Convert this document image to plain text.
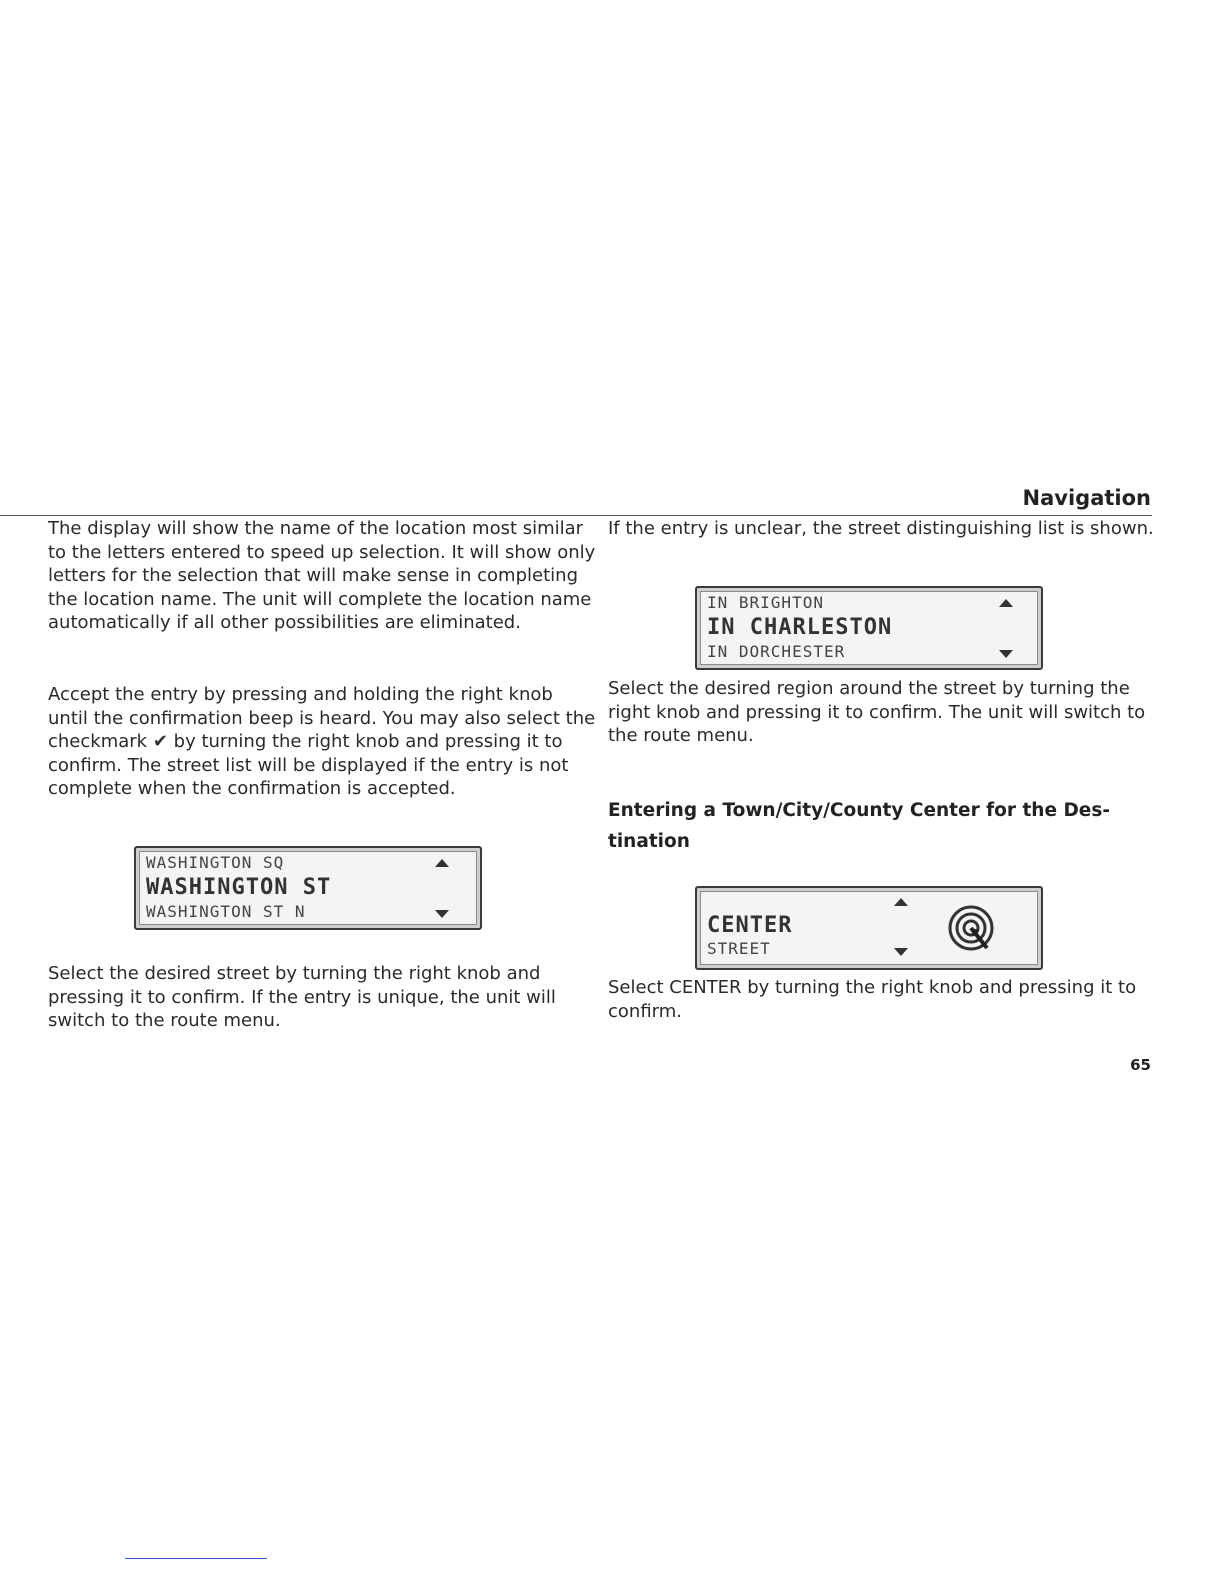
Navigation

The display will show the name of the location most similar to the letters entered to speed up selection. It will show only letters for the selection that will make sense in completing the location name. The unit will complete the location name automatically if all other possibilities are eliminated.

Accept the entry by pressing and holding the right knob until the confirmation beep is heard. You may also select the checkmark ✔ by turning the right knob and pressing it to confirm. The street list will be displayed if the entry is not complete when the confirmation is accepted.

WASHINGTON SQ
WASHINGTON ST
WASHINGTON ST N

Select the desired street by turning the right knob and pressing it to confirm. If the entry is unique, the unit will switch to the route menu.

If the entry is unclear, the street distinguishing list is shown.

IN BRIGHTON
IN CHARLESTON
IN DORCHESTER

Select the desired region around the street by turning the right knob and pressing it to confirm. The unit will switch to the route menu.

Entering a Town/City/County Center for the Des-tination
CENTER
STREET

Select CENTER by turning the right knob and pressing it to confirm.

65
